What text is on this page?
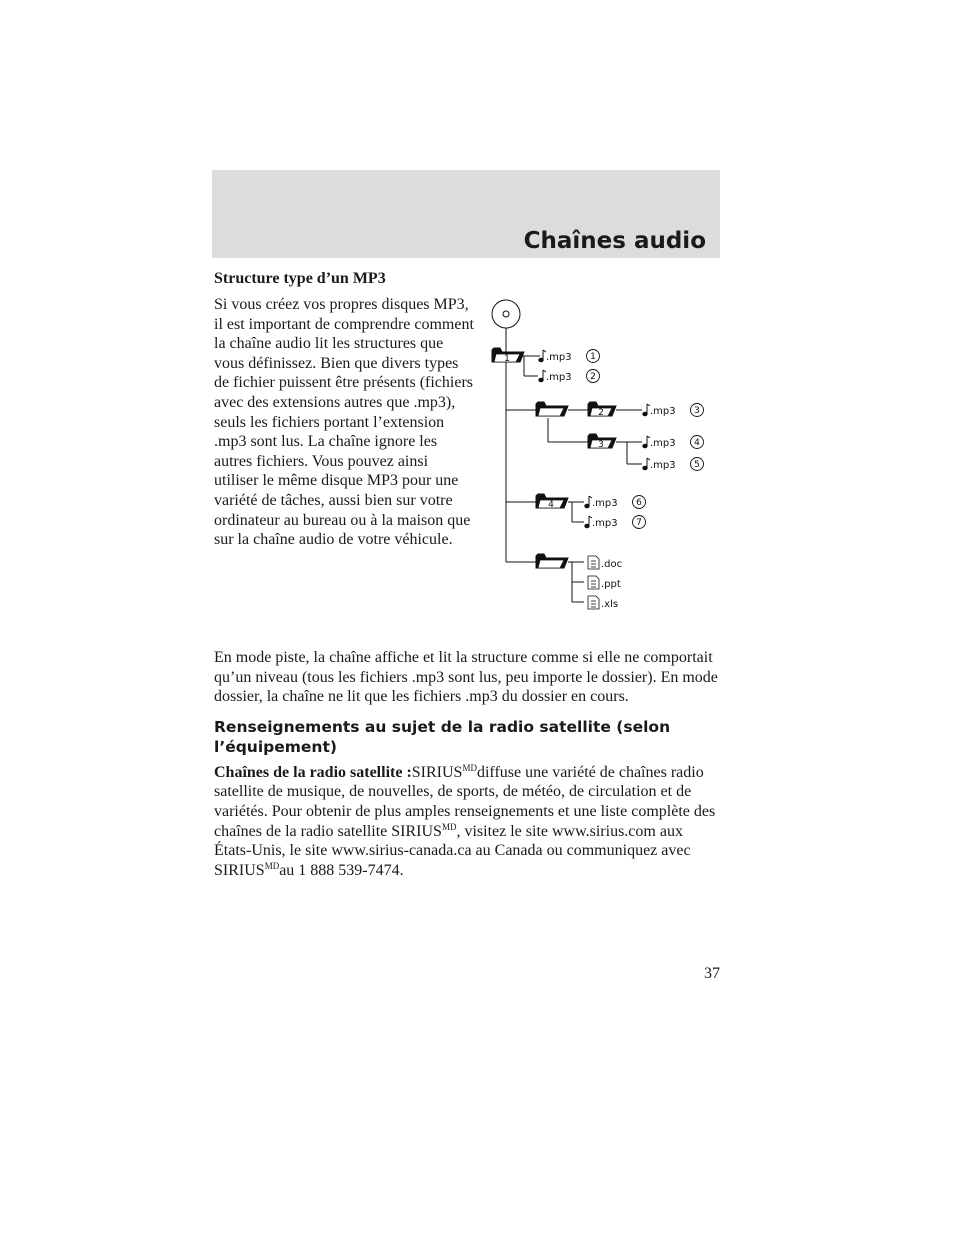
Chaînes audio

Structure type d’un MP3

Si vous créez vos propres disques MP3, il est important de comprendre comment la chaîne audio lit les structures que vous définissez. Bien que divers types de fichier puissent être présents (fichiers avec des extensions autres que .mp3), seuls les fichiers portant l’extension .mp3 sont lus. La chaîne ignore les autres fichiers. Vous pouvez ainsi utiliser le même disque MP3 pour une variété de tâches, aussi bien sur votre ordinateur au bureau ou à la maison que sur la chaîne audio de votre véhicule.

1
2
3
4
.mp3
.mp3
.mp3
.mp3
.mp3
.mp3
.mp3
1
2
3
4
5
6
7
.doc
.ppt
.xls

En mode piste, la chaîne affiche et lit la structure comme si elle ne comportait qu’un niveau (tous les fichiers .mp3 sont lus, peu importe le dossier). En mode dossier, la chaîne ne lit que les fichiers .mp3 du dossier en cours.

Renseignements au sujet de la radio satellite (selon l’équipement)

Chaînes de la radio satellite $:SIRIUS^{MD}diffuse$ une variété de chaînes radio satellite de musique, de nouvelles, de sports, de météo, de circulation et de variétés. Pour obtenir de plus amples renseignements et une liste complète des chaînes de la radio satellite $SIRIUS^{MD}$, visitez le site www.sirius.com aux États-Unis, le site www.sirius-canada.ca au Canada ou communiquez avec $SIRIUS^{MD}au$ 1 888 539-7474.

37
